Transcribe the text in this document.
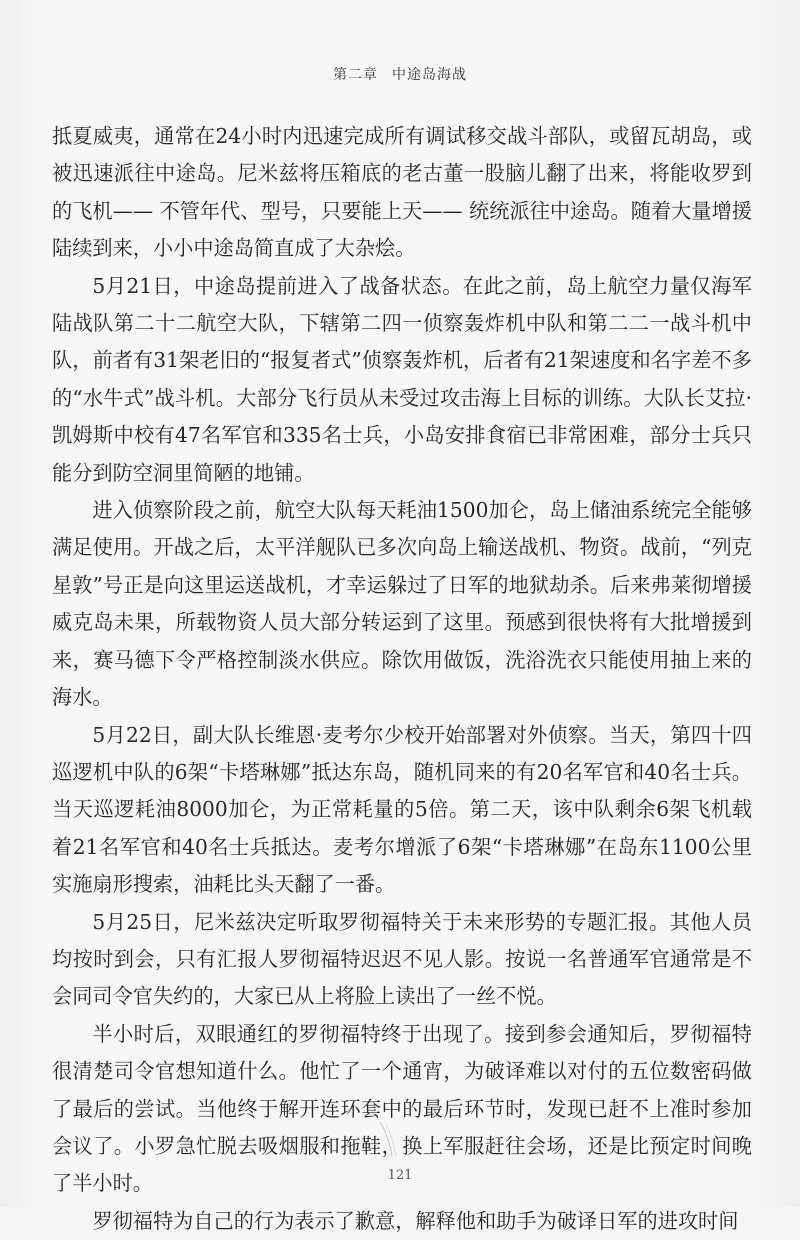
第二章 中途岛海战

抵夏威夷，通常在24小时内迅速完成所有调试移交战斗部队，或留瓦胡岛，或被迅速派往中途岛。尼米兹将压箱底的老古董一股脑儿翻了出来，将能收罗到的飞机—— 不管年代、型号，只要能上天—— 统统派往中途岛。随着大量增援陆续到来，小小中途岛简直成了大杂烩。

5月21日，中途岛提前进入了战备状态。在此之前，岛上航空力量仅海军陆战队第二十二航空大队，下辖第二四一侦察轰炸机中队和第二二一战斗机中队，前者有31架老旧的“报复者式”侦察轰炸机，后者有21架速度和名字差不多的“水牛式”战斗机。大部分飞行员从未受过攻击海上目标的训练。大队长艾拉·凯姆斯中校有47名军官和335名士兵，小岛安排食宿已非常困难，部分士兵只能分到防空洞里简陋的地铺。

进入侦察阶段之前，航空大队每天耗油1500加仑，岛上储油系统完全能够满足使用。开战之后，太平洋舰队已多次向岛上输送战机、物资。战前，“列克星敦”号正是向这里运送战机，才幸运躲过了日军的地狱劫杀。后来弗莱彻增援威克岛未果，所载物资人员大部分转运到了这里。预感到很快将有大批增援到来，赛马德下令严格控制淡水供应。除饮用做饭，洗浴洗衣只能使用抽上来的海水。

5月22日，副大队长维恩·麦考尔少校开始部署对外侦察。当天，第四十四巡逻机中队的6架“卡塔琳娜”抵达东岛，随机同来的有20名军官和40名士兵。当天巡逻耗油8000加仑，为正常耗量的5倍。第二天，该中队剩余6架飞机载着21名军官和40名士兵抵达。麦考尔增派了6架“卡塔琳娜”在岛东1100公里实施扇形搜索，油耗比头天翻了一番。

5月25日，尼米兹决定听取罗彻福特关于未来形势的专题汇报。其他人员均按时到会，只有汇报人罗彻福特迟迟不见人影。按说一名普通军官通常是不会同司令官失约的，大家已从上将脸上读出了一丝不悦。

半小时后，双眼通红的罗彻福特终于出现了。接到参会通知后，罗彻福特很清楚司令官想知道什么。他忙了一个通宵，为破译难以对付的五位数密码做了最后的尝试。当他终于解开连环套中的最后环节时，发现已赶不上准时参加会议了。小罗急忙脱去吸烟服和拖鞋，换上军服赶往会场，还是比预定时间晚了半小时。

罗彻福特为自己的行为表示了歉意，解释他和助手为破译日军的进攻时间

121
